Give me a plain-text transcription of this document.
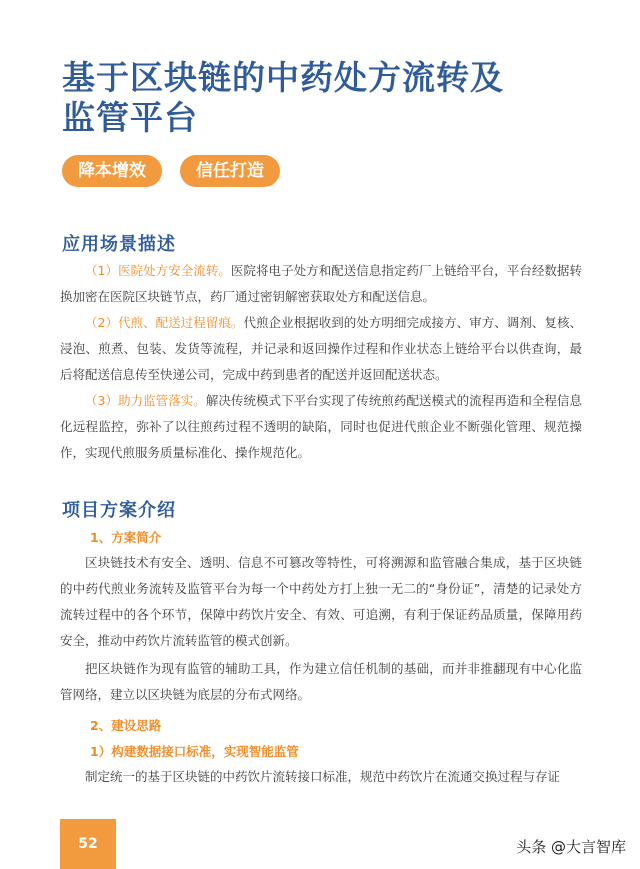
基于区块链的中药处方流转及
监管平台
降本增效	信任打造
应用场景描述
（1）医院处方安全流转。医院将电子处方和配送信息指定药厂上链给平台，平台经数据转换加密在医院区块链节点，药厂通过密钥解密获取处方和配送信息。
（2）代煎、配送过程留痕。代煎企业根据收到的处方明细完成接方、审方、调剂、复核、浸泡、煎煮、包装、发货等流程，并记录和返回操作过程和作业状态上链给平台以供查询，最后将配送信息传至快递公司，完成中药到患者的配送并返回配送状态。
（3）助力监管落实。解决传统模式下平台实现了传统煎药配送模式的流程再造和全程信息化远程监控，弥补了以往煎药过程不透明的缺陷，同时也促进代煎企业不断强化管理、规范操作，实现代煎服务质量标准化、操作规范化。
项目方案介绍
1、方案简介
区块链技术有安全、透明、信息不可篡改等特性，可将溯源和监管融合集成，基于区块链的中药代煎业务流转及监管平台为每一个中药处方打上独一无二的“身份证”，清楚的记录处方流转过程中的各个环节，保障中药饮片安全、有效、可追溯，有利于保证药品质量，保障用药安全，推动中药饮片流转监管的模式创新。
把区块链作为现有监管的辅助工具，作为建立信任机制的基础，而并非推翻现有中心化监管网络，建立以区块链为底层的分布式网络。
2、建设思路
1）构建数据接口标准，实现智能监管
制定统一的基于区块链的中药饮片流转接口标准，规范中药饮片在流通交换过程与存证
52	头条 @大言智库
